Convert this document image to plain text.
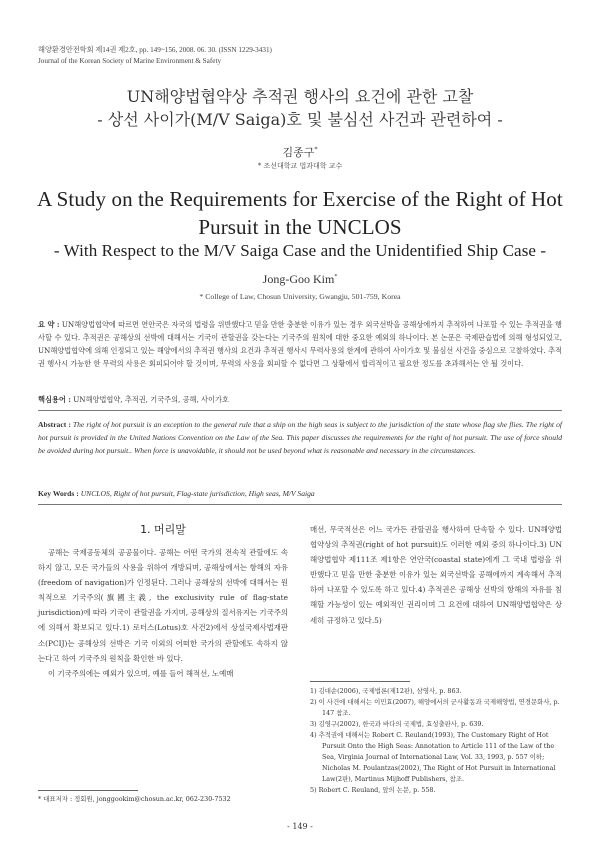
해양환경안전학회 제14권 제2호, pp. 149~156, 2008. 06. 30. (ISSN 1229-3431)
Journal of the Korean Society of Marine Environment & Safety
UN해양법협약상 추적권 행사의 요건에 관한 고찰
- 상선 사이가(M/V Saiga)호 및 불심선 사건과 관련하여 -
김종구*
* 조선대학교 법과대학 교수
A Study on the Requirements for Exercise of the Right of Hot
Pursuit in the UNCLOS
- With Respect to the M/V Saiga Case and the Unidentified Ship Case -
Jong-Goo Kim*
* College of Law, Chosun University, Gwangju, 501-759, Korea
요 약 : UN해양법협약에 따르면 연안국은 자국의 법령을 위반했다고 믿을 만한 충분한 이유가 있는 경우 외국선박을 공해상에까지 추적하여 나포할 수 있는 추적권을 행사할 수 있다. 추적권은 공해상의 선박에 대해서는 기국이 관할권을 갖는다는 기국주의 원칙에 대한 중요한 예외의 하나이다. 본 논문은 국제판습법에 의해 형성되었고, UN해양법협약에 의해 인정되고 있는 해양에서의 추적권 행사의 요건과 추적권 행사시 무력사용의 한계에 관하여 사이가호 및 불심선 사건을 중심으로 고찰하였다. 추적권 행사시 가능한 한 무력의 사용은 회피되어야 할 것이며, 무력의 사용을 회피할 수 없다면 그 상황에서 합리적이고 필요한 정도를 초과해서는 안 될 것이다.
핵심용어 : UN해양법협약, 추적권, 기국주의, 공해, 사이가호
Abstract : The right of hot pursuit is an exception to the general rule that a ship on the high seas is subject to the jurisdiction of the state whose flag she flies. The right of hot pursuit is provided in the United Nations Convention on the Law of the Sea. This paper discusses the requirements for the right of hot pursuit. The use of force should be avoided during hot pursuit.. When force is unavoidable, it should not be used beyond what is reasonable and necessary in the circumstances.
Key Words : UNCLOS, Right of hot pursuit, Flag-state jurisdiction, High seas, M/V Saiga
1. 머리말

공해는 국제공동체의 공공물이다. 공해는 어떤 국가의 전속적 관할에도 속하지 않고, 모든 국가들의 사용을 위하여 개방되며, 공해상에서는 항해의 자유(freedom of navigation)가 인정된다. 그러나 공해상의 선박에 대해서는 원칙적으로 기국주의(旗國主義, the exclusivity rule of flag-state jurisdiction)에 따라 기국이 관할권을 가지며, 공해상의 질서유지는 기국주의에 의해서 확보되고 있다.1) 로터스(Lotus)호 사건2)에서 상설국제사법재판소(PCIJ)는 공해상의 선박은 기국 이외의 어떠한 국가의 관할에도 속하지 않는다고 하여 기국주의 원칙을 확인한 바 있다.

이 기국주의에는 예외가 있으며, 예를 들어 해적선, 노예매

* 대표저자 : 정회원, jonggookim@chosun.ac.kr, 062-230-7532

매선, 무국적선은 어느 국가든 관할권을 행사하여 단속할 수 있다. UN해양법협약상의 추적권(right of hot pursuit)도 이러한 예외 중의 하나이다.3) UN해양법협약 제111조 제1항은 연안국(coastal state)에게 그 국내 법령을 위반했다고 믿을 만한 충분한 이유가 있는 외국선박을 공해에까지 계속해서 추적하여 나포할 수 있도록 하고 있다.4) 추적권은 공해상 선박의 항해의 자유를 침해할 가능성이 있는 예외적인 권리이며 그 요건에 대하여 UN해양법협약은 상세히 규정하고 있다.5)

1) 김대순(2006), 국제법론(제12판), 삼영사, p. 863.
2) 이 사건에 대해서는 이민효(2007), 해양에서의 군사활동과 국제해양법, 연경문화사, p. 147 참조.
3) 김영구(2002), 한국과 바다의 국제법, 효성출판사, p. 639.
4) 추적권에 대해서는 Robert C. Reuland(1993), The Customary Right of Hot Pursuit Onto the High Seas: Annotation to Article 111 of the Law of the Sea, Virginia Journal of International Law, Vol. 33, 1993, p. 557 이하; Nicholas M. Poulantzas(2002), The Right of Hot Pursuit in International Law(2판), Martinus Mijhoff Publishers, 참조.
5) Robert C. Reuland, 앞의 논문, p. 558.
- 149 -
